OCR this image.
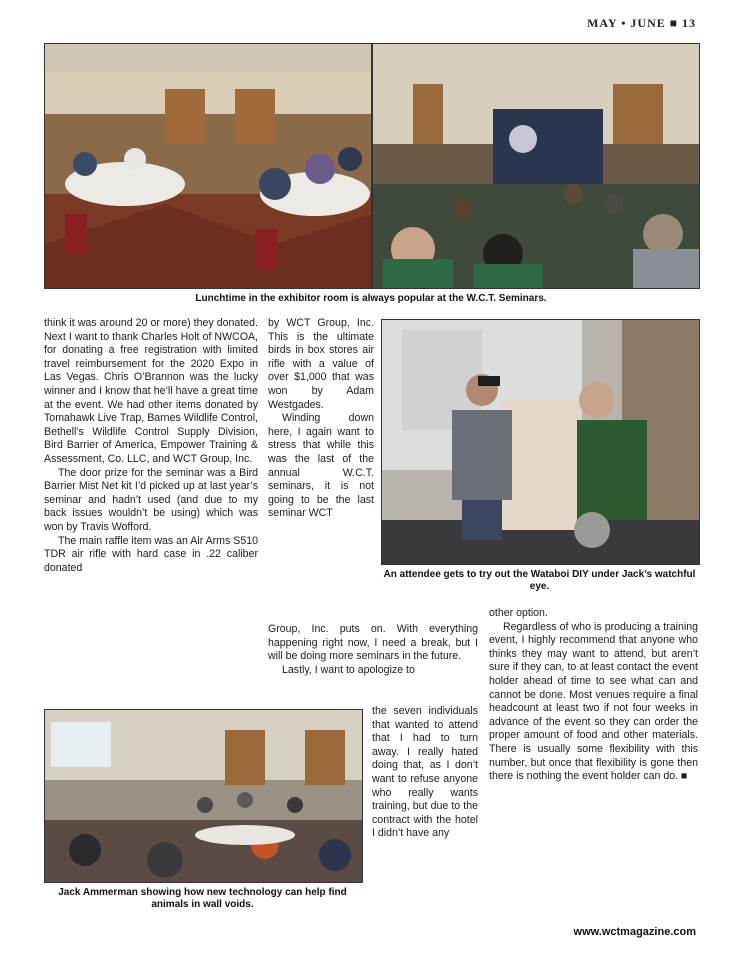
MAY • JUNE ■ 13
Lunchtime in the exhibitor room is always popular at the W.C.T. Seminars.

think it was around 20 or more) they donated. Next I want to thank Charles Holt of NWCOA, for donating a free registration with limited travel reimbursement for the 2020 Expo in Las Vegas. Chris O’Brannon was the lucky winner and I know that he’ll have a great time at the event. We had other items donated by Tomahawk Live Trap, Barnes Wildlife Control, Bethell’s Wildlife Control Supply Division, Bird Barrier of America, Empower Training & Assessment, Co. LLC, and WCT Group, Inc.

The door prize for the seminar was a Bird Barrier Mist Net kit I’d picked up at last year’s seminar and hadn’t used (and due to my back issues wouldn’t be using) which was won by Travis Wofford.

The main raffle item was an Air Arms S510 TDR air rifle with hard case in .22 caliber donated

by WCT Group, Inc. This is the ultimate birds in box stores air rifle with a value of over $1,000 that was won by Adam Westgades.

Winding down here, I again want to stress that while this was the last of the annual W.C.T. seminars, it is not going to be the last seminar WCT

An attendee gets to try out the Wataboi DIY under Jack’s watchful eye.

Group, Inc. puts on. With everything happening right now, I need a break, but I will be doing more seminars in the future.

Lastly, I want to apologize to

the seven individuals that wanted to attend that I had to turn away. I really hated doing that, as I don’t want to refuse anyone who really wants training, but due to the contract with the hotel I didn’t have any

other option.

Regardless of who is producing a training event, I highly recommend that anyone who thinks they may want to attend, but aren’t sure if they can, to at least contact the event holder ahead of time to see what can and cannot be done. Most venues require a final headcount at least two if not four weeks in advance of the event so they can order the proper amount of food and other materials. There is usually some flexibility with this number, but once that flexibility is gone then there is nothing the event holder can do. ■

Jack Ammerman showing how new technology can help find animals in wall voids.
www.wctmagazine.com
